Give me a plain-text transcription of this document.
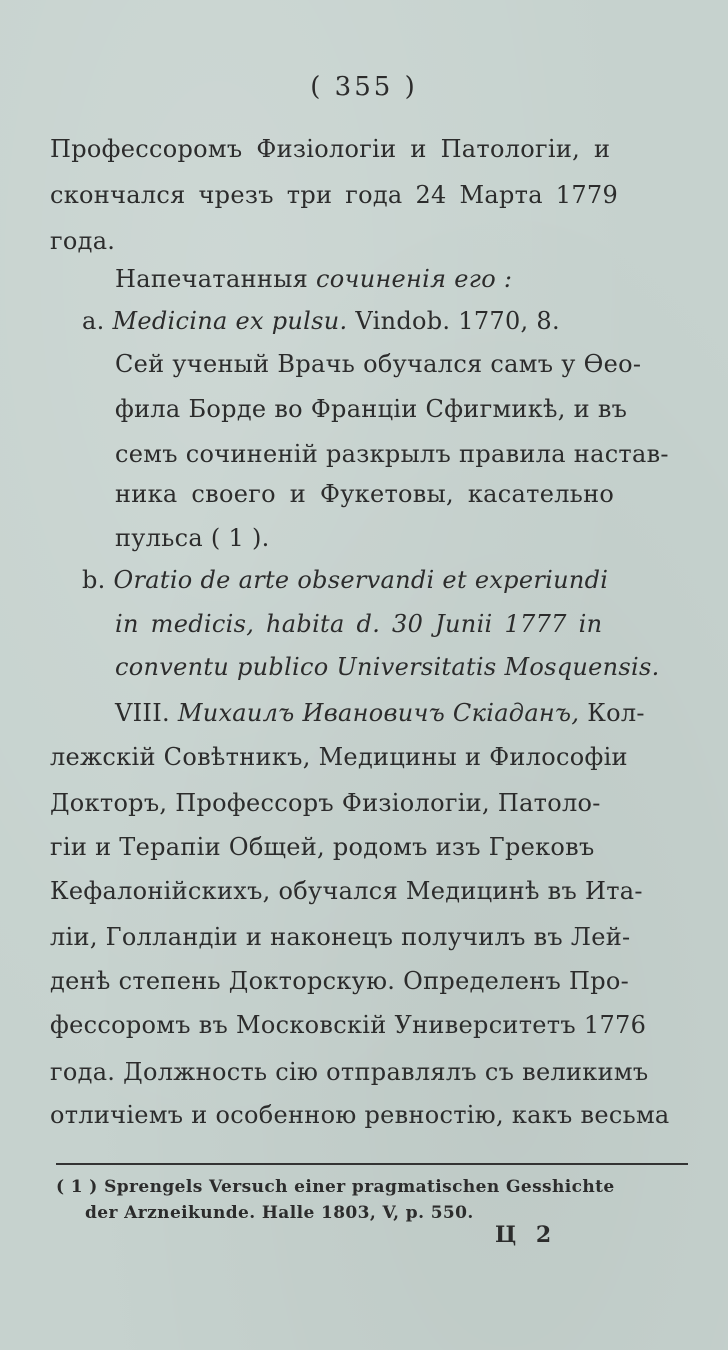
( 355 )
Профессоромъ Физіологіи и Патологіи, и
скончался чрезъ три года 24 Марта 1779
года.
Напечатанныя сочиненія его :
a. Medicina ex pulsu. Vindob. 1770, 8.
Сей ученый Врачь обучался самъ у Ѳео-
фила Борде во Франціи Сфигмикѣ, и въ
семъ сочиненій разкрылъ правила настав-
ника своего и Фукетовы, касательно
пульса ( 1 ).
b. Oratio de arte observandi et experiundi
in medicis, habita d. 30 Junii 1777 in
conventu publico Universitatis Mosquensis.
VIII. Михаилъ Ивановичъ Скіаданъ, Кол-
лежскій Совѣтникъ, Медицины и Философіи
Докторъ, Профессоръ Физіологіи, Патоло-
гіи и Терапіи Общей, родомъ изъ Грековъ
Кефалонійскихъ, обучался Медицинѣ въ Ита-
ліи, Голландіи и наконецъ получилъ въ Лей-
денѣ степень Докторскую. Определенъ Про-
фессоромъ въ Московскій Университетъ 1776
года. Должность сію отправлялъ съ великимъ
отличіемъ и особенною ревностію, какъ весьма
( 1 ) Sprengels Versuch einer pragmatischen Gesshichte
der Arzneikunde. Halle 1803, V, p. 550.
Ц 2
